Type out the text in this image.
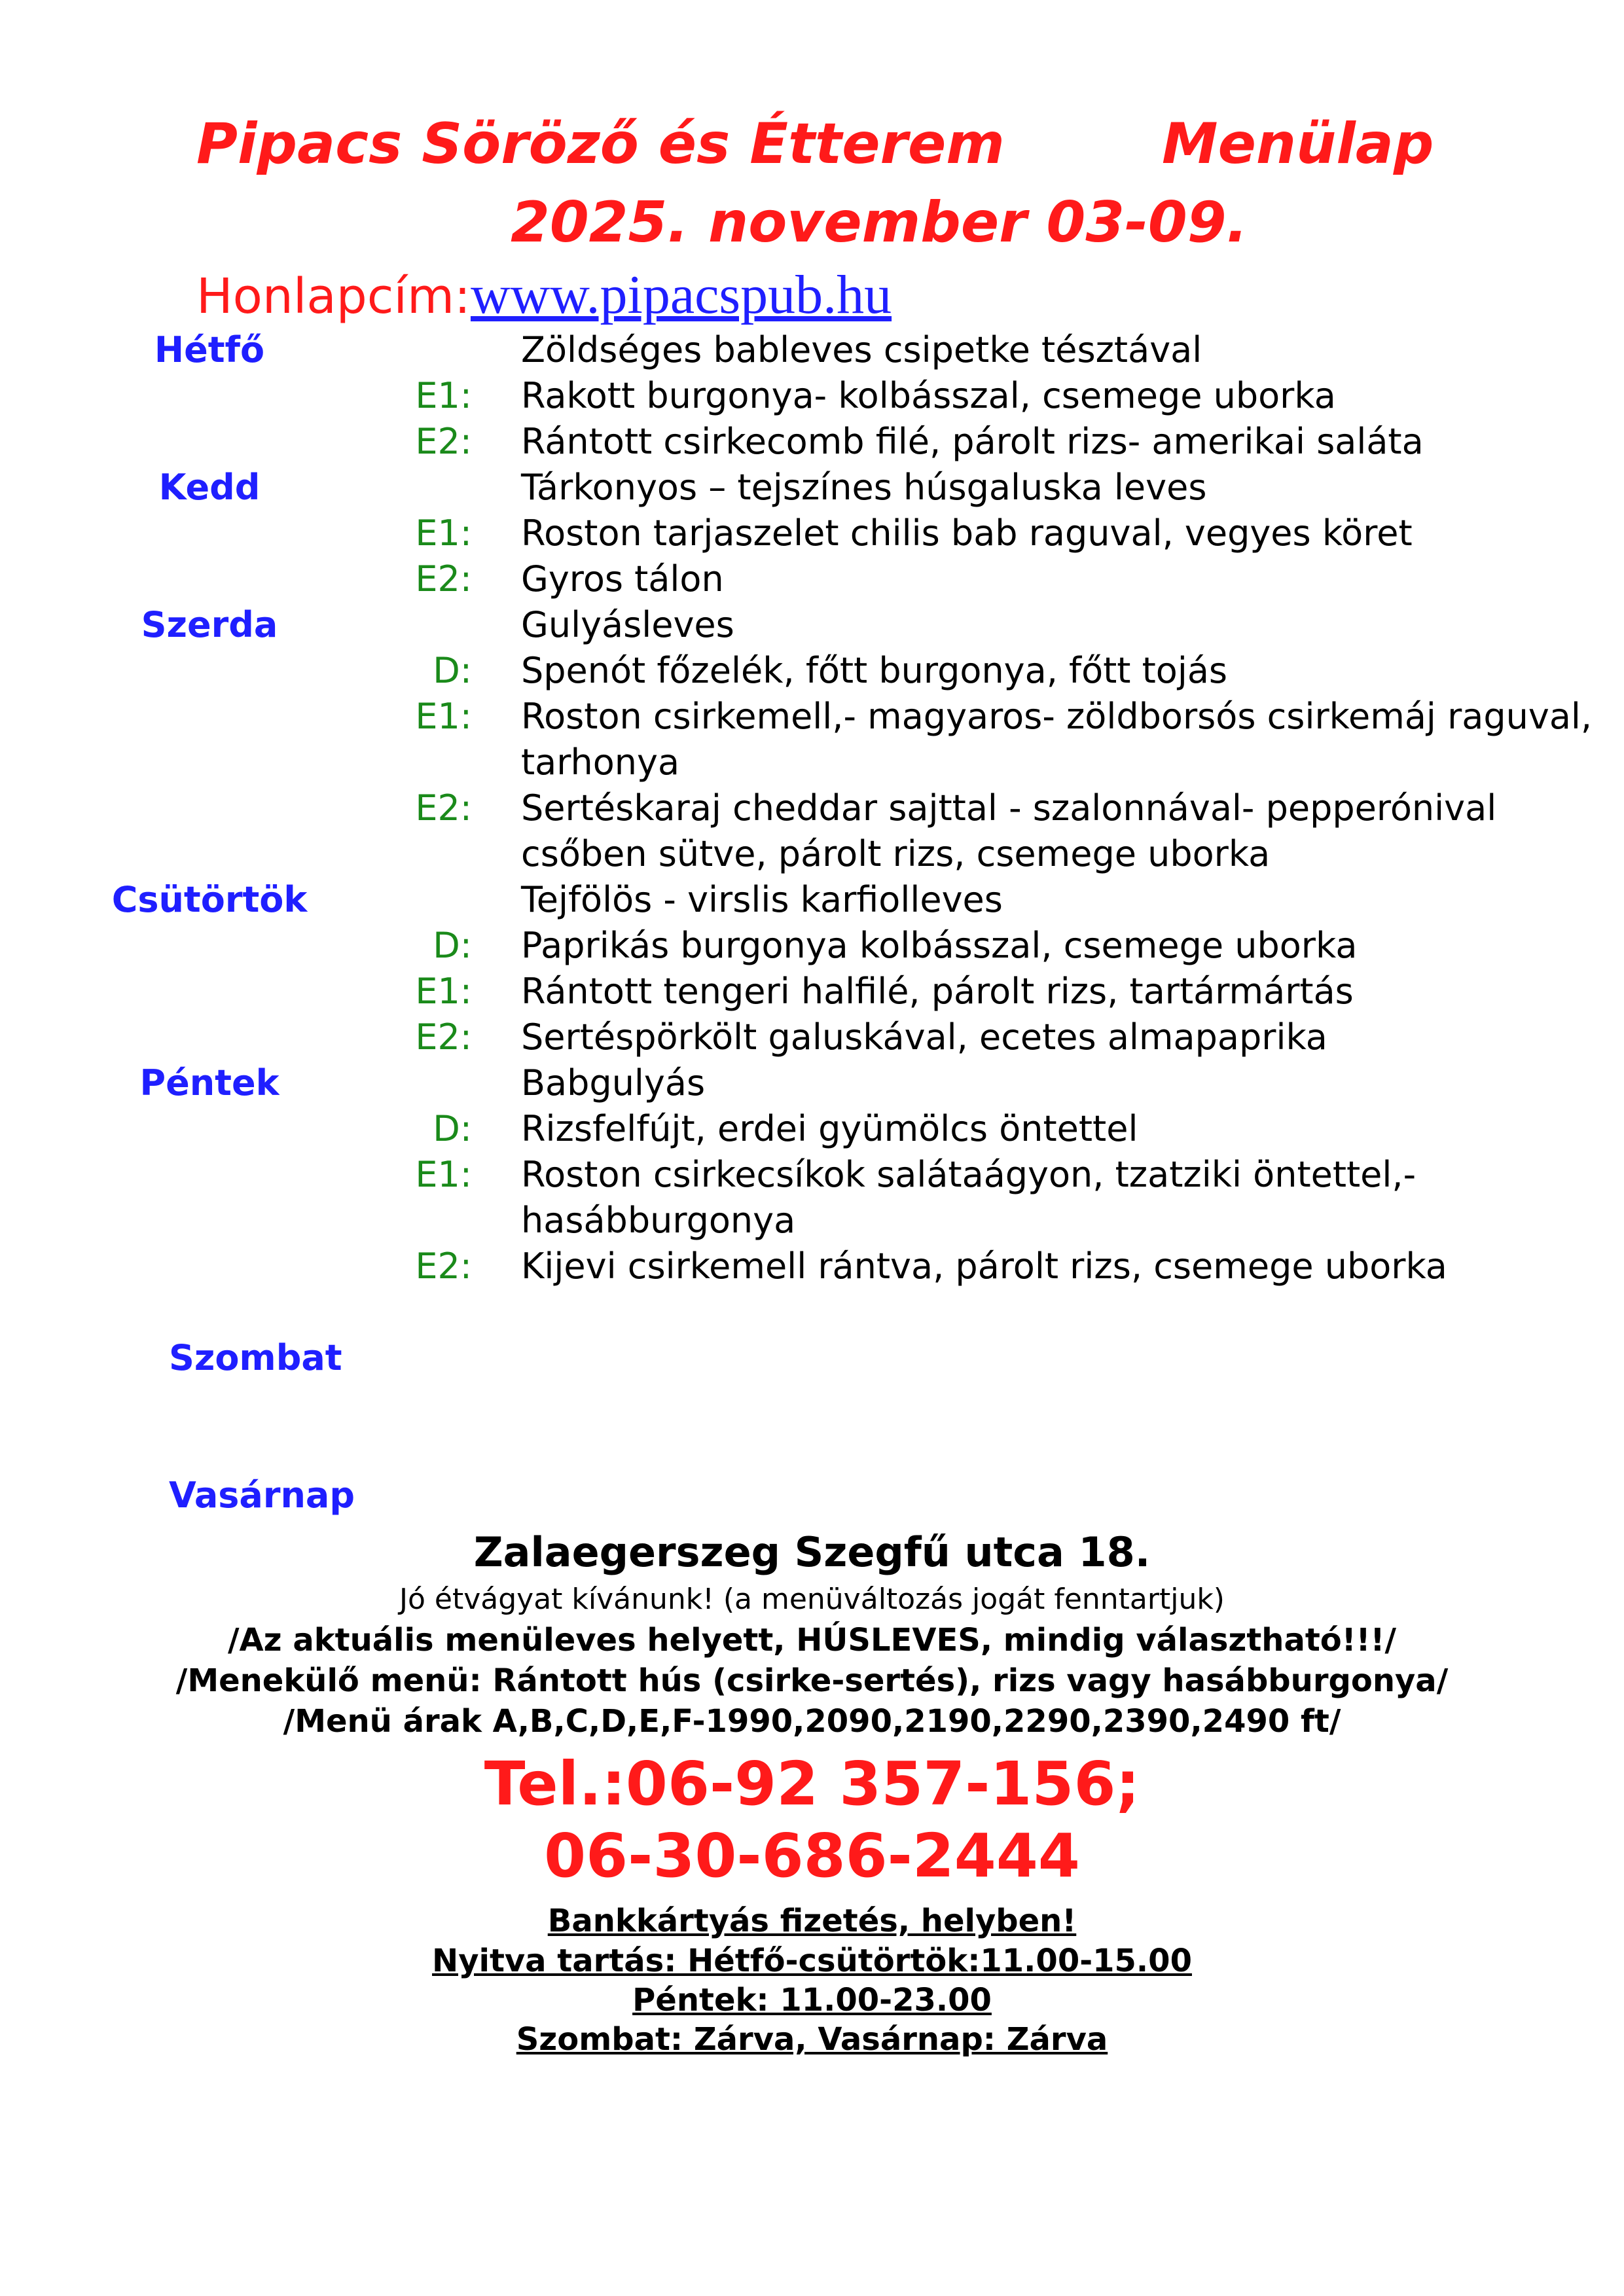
Pipacs Söröző és Étterem	Menülap
2025. november 03-09.
Honlapcím:www.pipacspub.hu
Hétfő	Zöldséges bableves csipetke tésztával
E1: Rakott burgonya- kolbásszal, csemege uborka
E2: Rántott csirkecomb filé, párolt rizs- amerikai saláta
Kedd	Tárkonyos – tejszínes húsgaluska leves
E1: Roston tarjaszelet chilis bab raguval, vegyes köret
E2: Gyros tálon
Szerda	Gulyásleves
D: Spenót főzelék, főtt burgonya, főtt tojás
E1: Roston csirkemell,- magyaros- zöldborsós csirkemáj raguval,
tarhonya
E2: Sertéskaraj cheddar sajttal - szalonnával- pepperónival
csőben sütve, párolt rizs, csemege uborka
Csütörtök	Tejfölös - virslis karfiolleves
D: Paprikás burgonya kolbásszal, csemege uborka
E1: Rántott tengeri halfilé, párolt rizs, tartármártás
E2: Sertéspörkölt galuskával, ecetes almapaprika
Péntek	Babgulyás
D: Rizsfelfújt, erdei gyümölcs öntettel
E1: Roston csirkecsíkok salátaágyon, tzatziki öntettel,-
hasábburgonya
E2: Kijevi csirkemell rántva, párolt rizs, csemege uborka
Szombat
Vasárnap
Zalaegerszeg Szegfű utca 18.
Jó étvágyat kívánunk! (a menüváltozás jogát fenntartjuk)
/Az aktuális menüleves helyett, HÚSLEVES, mindig választható!!!/
/Menekülő menü: Rántott hús (csirke-sertés), rizs vagy hasábburgonya/
/Menü árak A,B,C,D,E,F-1990,2090,2190,2290,2390,2490 ft/
Tel.:06-92 357-156;
06-30-686-2444
Bankkártyás fizetés, helyben!
Nyitva tartás: Hétfő-csütörtök:11.00-15.00
Péntek: 11.00-23.00
Szombat: Zárva, Vasárnap: Zárva
